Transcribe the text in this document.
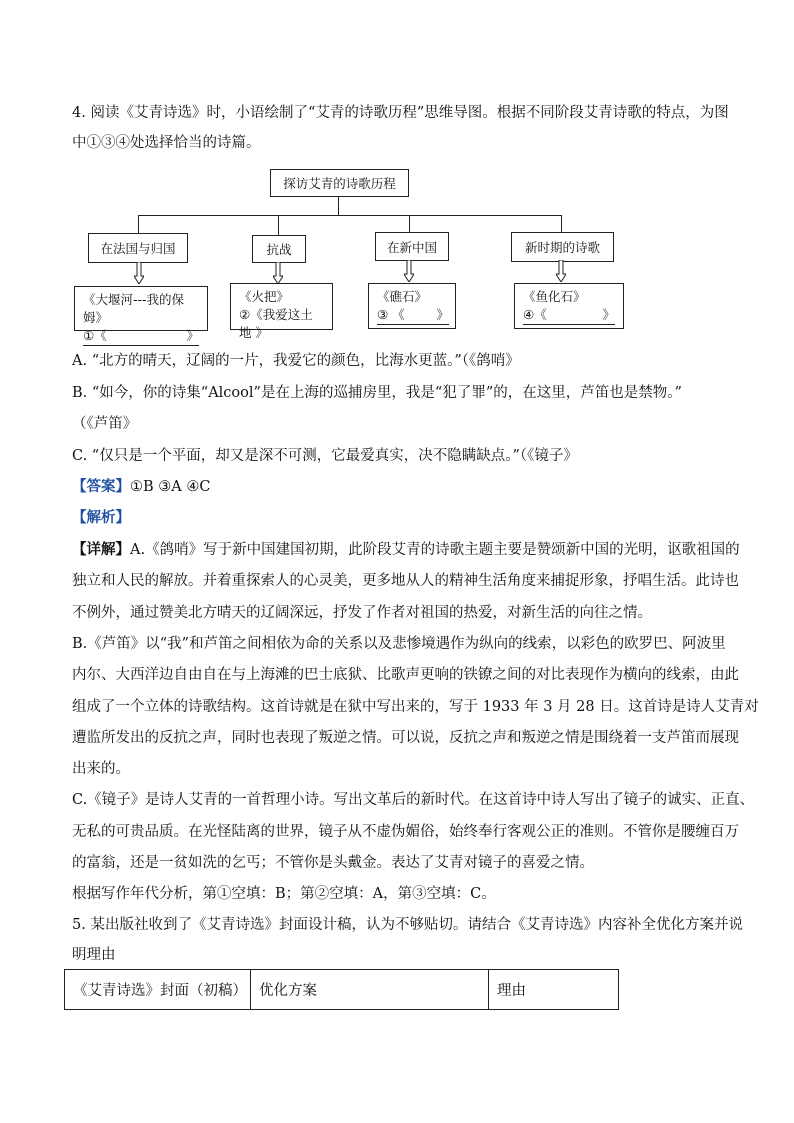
4. 阅读《艾青诗选》时，小语绘制了“艾青的诗歌历程”思维导图。根据不同阶段艾青诗歌的特点，为图
中①③④处选择恰当的诗篇。
探访艾青的诗歌历程
在法国与归国	抗战	在新中国	新时期的诗歌
《大堰河---我的保姆》
①《	》
《火把》
②《我爱这土地 》
《礁石》
③ 《	》
《鱼化石》
④《	》
A. “北方的晴天，辽阔的一片，我爱它的颜色，比海水更蓝。”（《鸽哨》
B. “如今，你的诗集“Alcool”是在上海的巡捕房里，我是“犯了罪”的，在这里，芦笛也是禁物。”
（《芦笛》
C. “仅只是一个平面，却又是深不可测，它最爱真实，决不隐瞒缺点。”（《镜子》
【答案】①B ③A ④C
【解析】
【详解】A.《鸽哨》写于新中国建国初期，此阶段艾青的诗歌主题主要是赞颂新中国的光明，讴歌祖国的
独立和人民的解放。并着重探索人的心灵美，更多地从人的精神生活角度来捕捉形象，抒唱生活。此诗也
不例外，通过赞美北方晴天的辽阔深远，抒发了作者对祖国的热爱，对新生活的向往之情。
B.《芦笛》以“我”和芦笛之间相依为命的关系以及悲惨境遇作为纵向的线索，以彩色的欧罗巴、阿波里
内尔、大西洋边自由自在与上海滩的巴士底狱、比歌声更响的铁镣之间的对比表现作为横向的线索，由此
组成了一个立体的诗歌结构。这首诗就是在狱中写出来的，写于 1933 年 3 月 28 日。这首诗是诗人艾青对
遭监所发出的反抗之声，同时也表现了叛逆之情。可以说，反抗之声和叛逆之情是围绕着一支芦笛而展现
出来的。
C.《镜子》是诗人艾青的一首哲理小诗。写出文革后的新时代。在这首诗中诗人写出了镜子的诚实、正直、
无私的可贵品质。在光怪陆离的世界，镜子从不虚伪媚俗，始终奉行客观公正的准则。不管你是腰缠百万
的富翁，还是一贫如洗的乞丐；不管你是头戴金。表达了艾青对镜子的喜爱之情。
根据写作年代分析，第①空填：B；第②空填：A，第③空填：C。
5. 某出版社收到了《艾青诗选》封面设计稿，认为不够贴切。请结合《艾青诗选》内容补全优化方案并说
明理由
《艾青诗选》封面（初稿）	优化方案	理由
